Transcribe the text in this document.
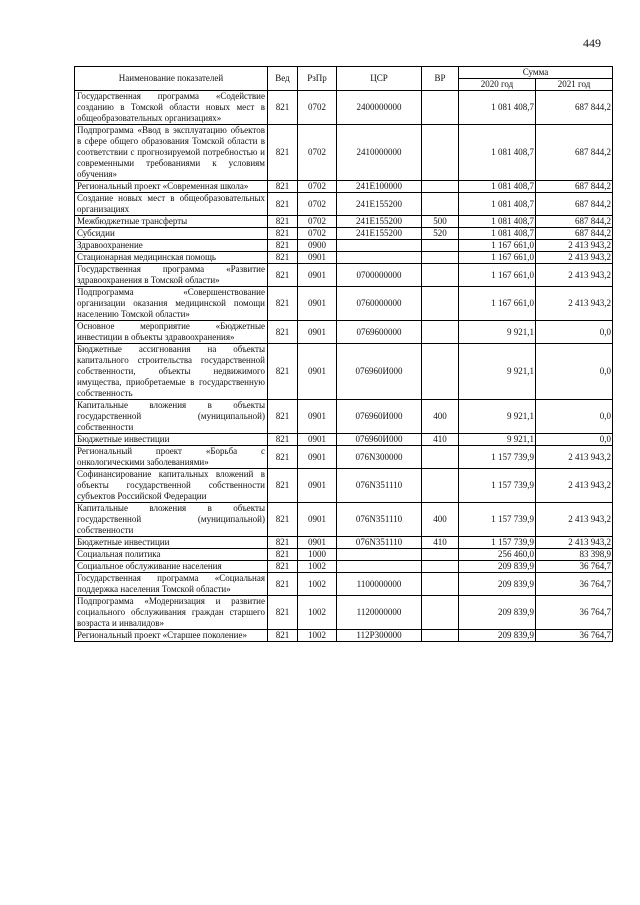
449
Наименование показателей	Вед	РзПр	ЦСР	ВР	Сумма	
					2020 год	2021 год
Государственная программа «Содействие созданию в Томской области новых мест в общеобразовательных организациях»	821	0702	2400000000		1 081 408,7	687 844,2
Подпрограмма «Ввод в эксплуатацию объектов в сфере общего образования Томской области в соответствии с прогнозируемой потребностью и современными требованиями к условиям обучения»	821	0702	2410000000		1 081 408,7	687 844,2
Региональный проект «Современная школа»	821	0702	241E100000		1 081 408,7	687 844,2
Создание новых мест в общеобразовательных организациях	821	0702	241E155200		1 081 408,7	687 844,2
Межбюджетные трансферты	821	0702	241E155200	500	1 081 408,7	687 844,2
Субсидии	821	0702	241E155200	520	1 081 408,7	687 844,2
Здравоохранение	821	0900			1 167 661,0	2 413 943,2
Стационарная медицинская помощь	821	0901			1 167 661,0	2 413 943,2
Государственная программа «Развитие здравоохранения в Томской области»	821	0901	0700000000		1 167 661,0	2 413 943,2
Подпрограмма «Совершенствование организации оказания медицинской помощи населению Томской области»	821	0901	0760000000		1 167 661,0	2 413 943,2
Основное мероприятие «Бюджетные инвестиции в объекты здравоохранения»	821	0901	0769600000		9 921,1	0,0
Бюджетные ассигнования на объекты капитального строительства государственной собственности, объекты недвижимого имущества, приобретаемые в государственную собственность	821	0901	076960И000		9 921,1	0,0
Капитальные вложения в объекты государственной (муниципальной) собственности	821	0901	076960И000	400	9 921,1	0,0
Бюджетные инвестиции	821	0901	076960И000	410	9 921,1	0,0
Региональный проект «Борьба с онкологическими заболеваниями»	821	0901	076N300000		1 157 739,9	2 413 943,2
Софинансирование капитальных вложений в объекты государственной собственности субъектов Российской Федерации	821	0901	076N351110		1 157 739,9	2 413 943,2
Капитальные вложения в объекты государственной (муниципальной) собственности	821	0901	076N351110	400	1 157 739,9	2 413 943,2
Бюджетные инвестиции	821	0901	076N351110	410	1 157 739,9	2 413 943,2
Социальная политика	821	1000			256 460,0	83 398,9
Социальное обслуживание населения	821	1002			209 839,9	36 764,7
Государственная программа «Социальная поддержка населения Томской области»	821	1002	1100000000		209 839,9	36 764,7
Подпрограмма «Модернизация и развитие социального обслуживания граждан старшего возраста и инвалидов»	821	1002	1120000000		209 839,9	36 764,7
Региональный проект «Старшее поколение»	821	1002	112P300000		209 839,9	36 764,7
